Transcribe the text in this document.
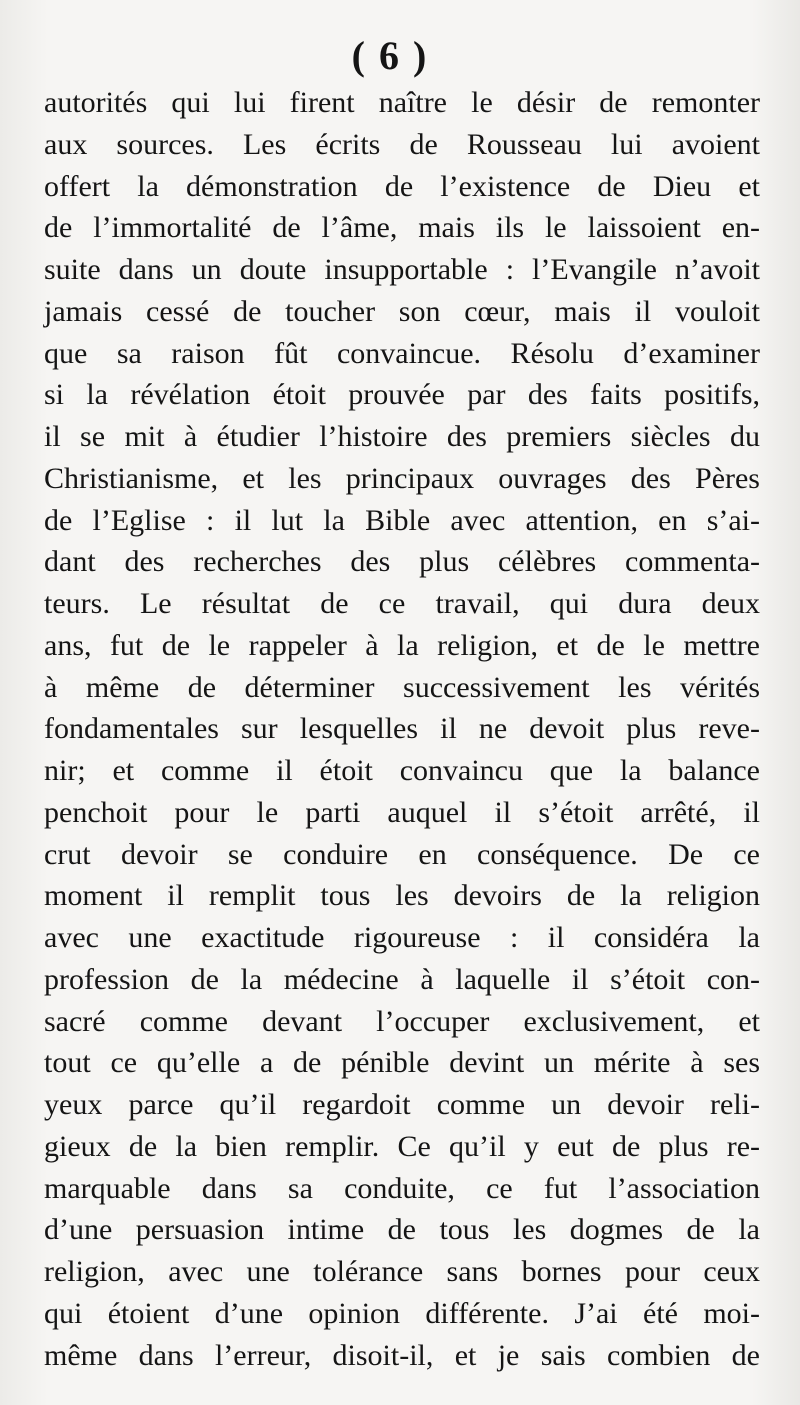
( 6 )
autorités qui lui firent naître le désir de remonter
aux sources. Les écrits de Rousseau lui avoient
offert la démonstration de l’existence de Dieu et
de l’immortalité de l’âme, mais ils le laissoient en-
suite dans un doute insupportable : l’Evangile n’avoit
jamais cessé de toucher son cœur, mais il vouloit
que sa raison fût convaincue. Résolu d’examiner
si la révélation étoit prouvée par des faits positifs,
il se mit à étudier l’histoire des premiers siècles du
Christianisme, et les principaux ouvrages des Pères
de l’Eglise : il lut la Bible avec attention, en s’ai-
dant des recherches des plus célèbres commenta-
teurs. Le résultat de ce travail, qui dura deux
ans, fut de le rappeler à la religion, et de le mettre
à même de déterminer successivement les vérités
fondamentales sur lesquelles il ne devoit plus reve-
nir; et comme il étoit convaincu que la balance
penchoit pour le parti auquel il s’étoit arrêté, il
crut devoir se conduire en conséquence. De ce
moment il remplit tous les devoirs de la religion
avec une exactitude rigoureuse : il considéra la
profession de la médecine à laquelle il s’étoit con-
sacré comme devant l’occuper exclusivement, et
tout ce qu’elle a de pénible devint un mérite à ses
yeux parce qu’il regardoit comme un devoir reli-
gieux de la bien remplir. Ce qu’il y eut de plus re-
marquable dans sa conduite, ce fut l’association
d’une persuasion intime de tous les dogmes de la
religion, avec une tolérance sans bornes pour ceux
qui étoient d’une opinion différente. J’ai été moi-
même dans l’erreur, disoit-il, et je sais combien de
